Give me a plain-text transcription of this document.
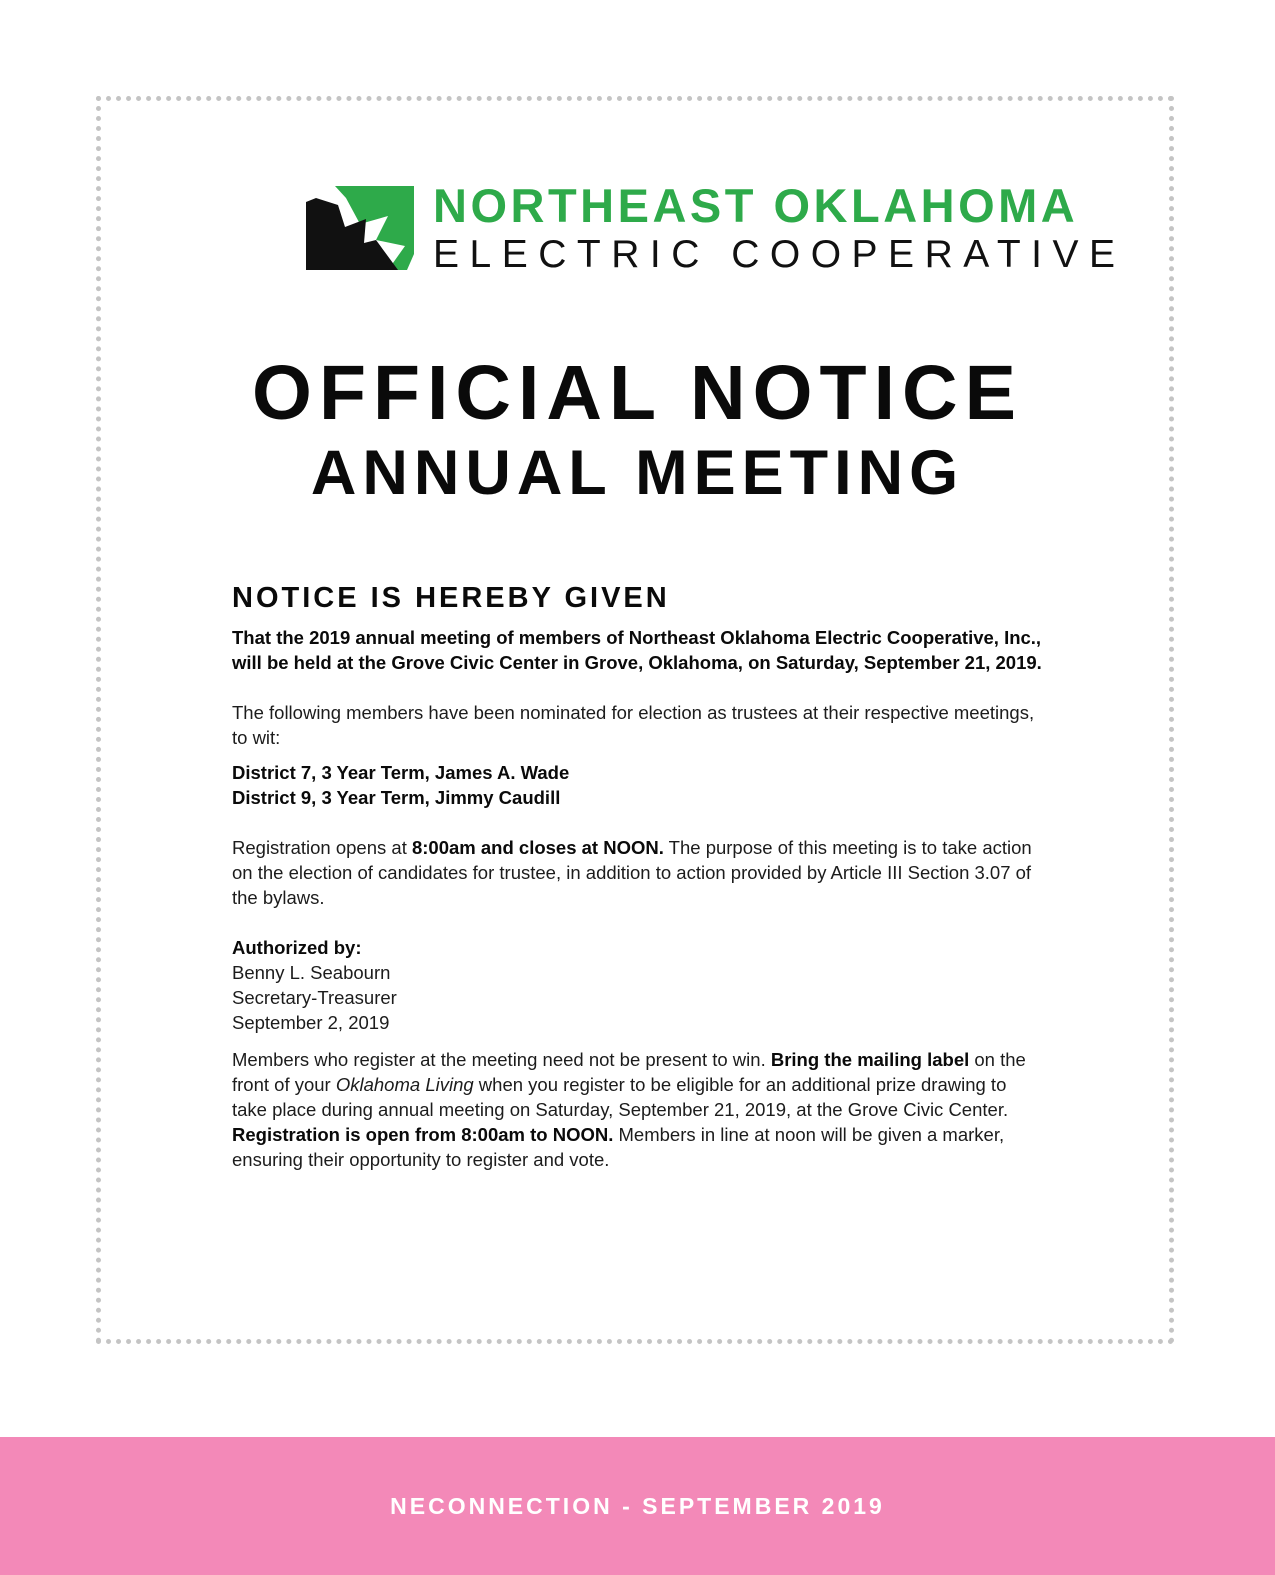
NORTHEAST OKLAHOMA
ELECTRIC COOPERATIVE
OFFICIAL NOTICE
ANNUAL MEETING
NOTICE IS HEREBY GIVEN

That the 2019 annual meeting of members of Northeast Oklahoma Electric Cooperative, Inc., will be held at the Grove Civic Center in Grove, Oklahoma, on Saturday, September 21, 2019.

The following members have been nominated for election as trustees at their respective meetings, to wit:

District 7, 3 Year Term, James A. Wade

District 9, 3 Year Term, Jimmy Caudill

Registration opens at 8:00am and closes at NOON. The purpose of this meeting is to take action on the election of candidates for trustee, in addition to action provided by Article III Section 3.07 of the bylaws.

Authorized by:

Benny L. Seabourn

Secretary-Treasurer

September 2, 2019

Members who register at the meeting need not be present to win. Bring the mailing label on the front of your Oklahoma Living when you register to be eligible for an additional prize drawing to take place during annual meeting on Saturday, September 21, 2019, at the Grove Civic Center. Registration is open from 8:00am to NOON. Members in line at noon will be given a marker, ensuring their opportunity to register and vote.

NECONNECTION - SEPTEMBER 2019
